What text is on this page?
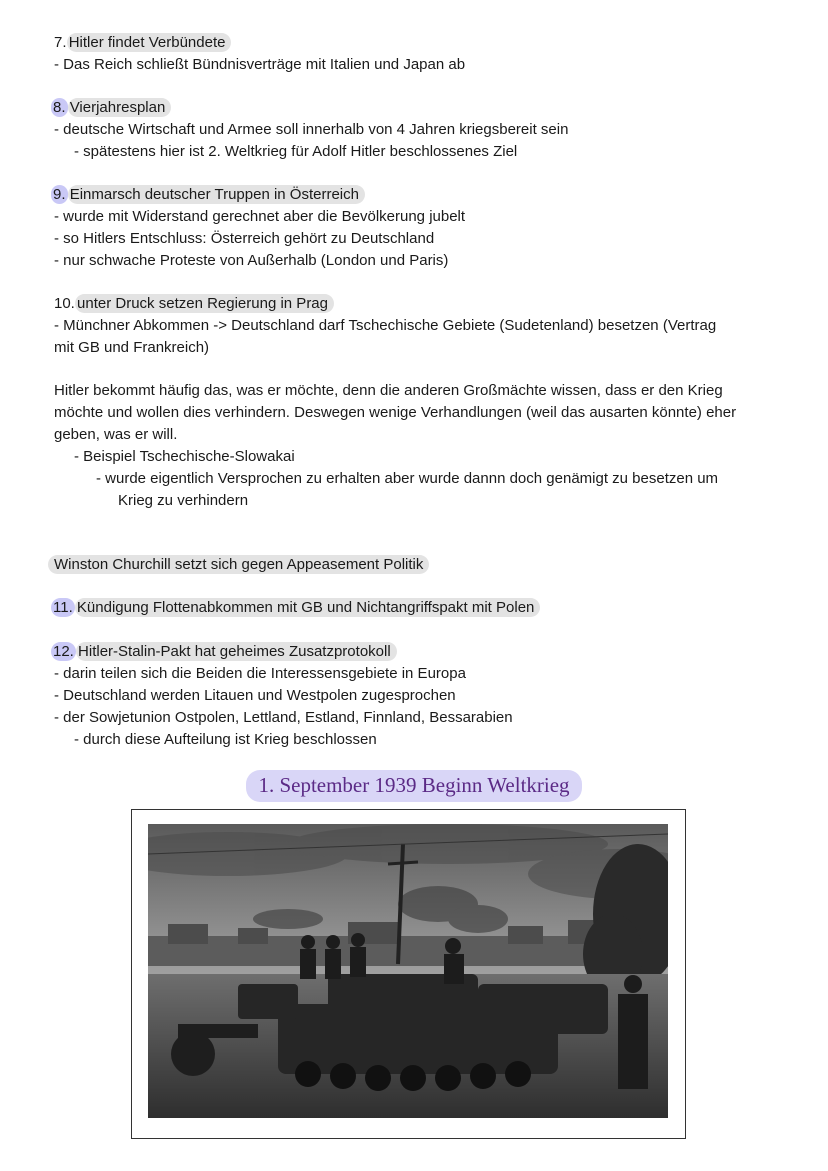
7. Hitler findet Verbündete
- Das Reich schließt Bündnisverträge mit Italien und Japan ab
8. Vierjahresplan
- deutsche Wirtschaft und Armee soll innerhalb von 4 Jahren kriegsbereit sein
- spätestens hier ist 2. Weltkrieg für Adolf Hitler beschlossenes Ziel
9. Einmarsch deutscher Truppen in Österreich
- wurde mit Widerstand gerechnet aber die Bevölkerung jubelt
- so Hitlers Entschluss: Österreich gehört zu Deutschland
- nur schwache Proteste von Außerhalb (London und Paris)
10. unter Druck setzen Regierung in Prag
- Münchner Abkommen -> Deutschland darf Tschechische Gebiete (Sudetenland) besetzen (Vertrag
mit GB und Frankreich)
Hitler bekommt häufig das, was er möchte, denn die anderen Großmächte wissen, dass er den Krieg
möchte und wollen dies verhindern. Deswegen wenige Verhandlungen (weil das ausarten könnte) eher
geben, was er will.
- Beispiel Tschechische-Slowakai
- wurde eigentlich Versprochen zu erhalten aber wurde dannn doch genämigt zu besetzen um
Krieg zu verhindern
Winston Churchill setzt sich gegen Appeasement Politik
11. Kündigung Flottenabkommen mit GB und Nichtangriffspakt mit Polen
12. Hitler-Stalin-Pakt hat geheimes Zusatzprotokoll
- darin teilen sich die Beiden die Interessensgebiete in Europa
- Deutschland werden Litauen und Westpolen zugesprochen
- der Sowjetunion Ostpolen, Lettland, Estland, Finnland, Bessarabien
- durch diese Aufteilung ist Krieg beschlossen
1. September 1939 Beginn Weltkrieg
